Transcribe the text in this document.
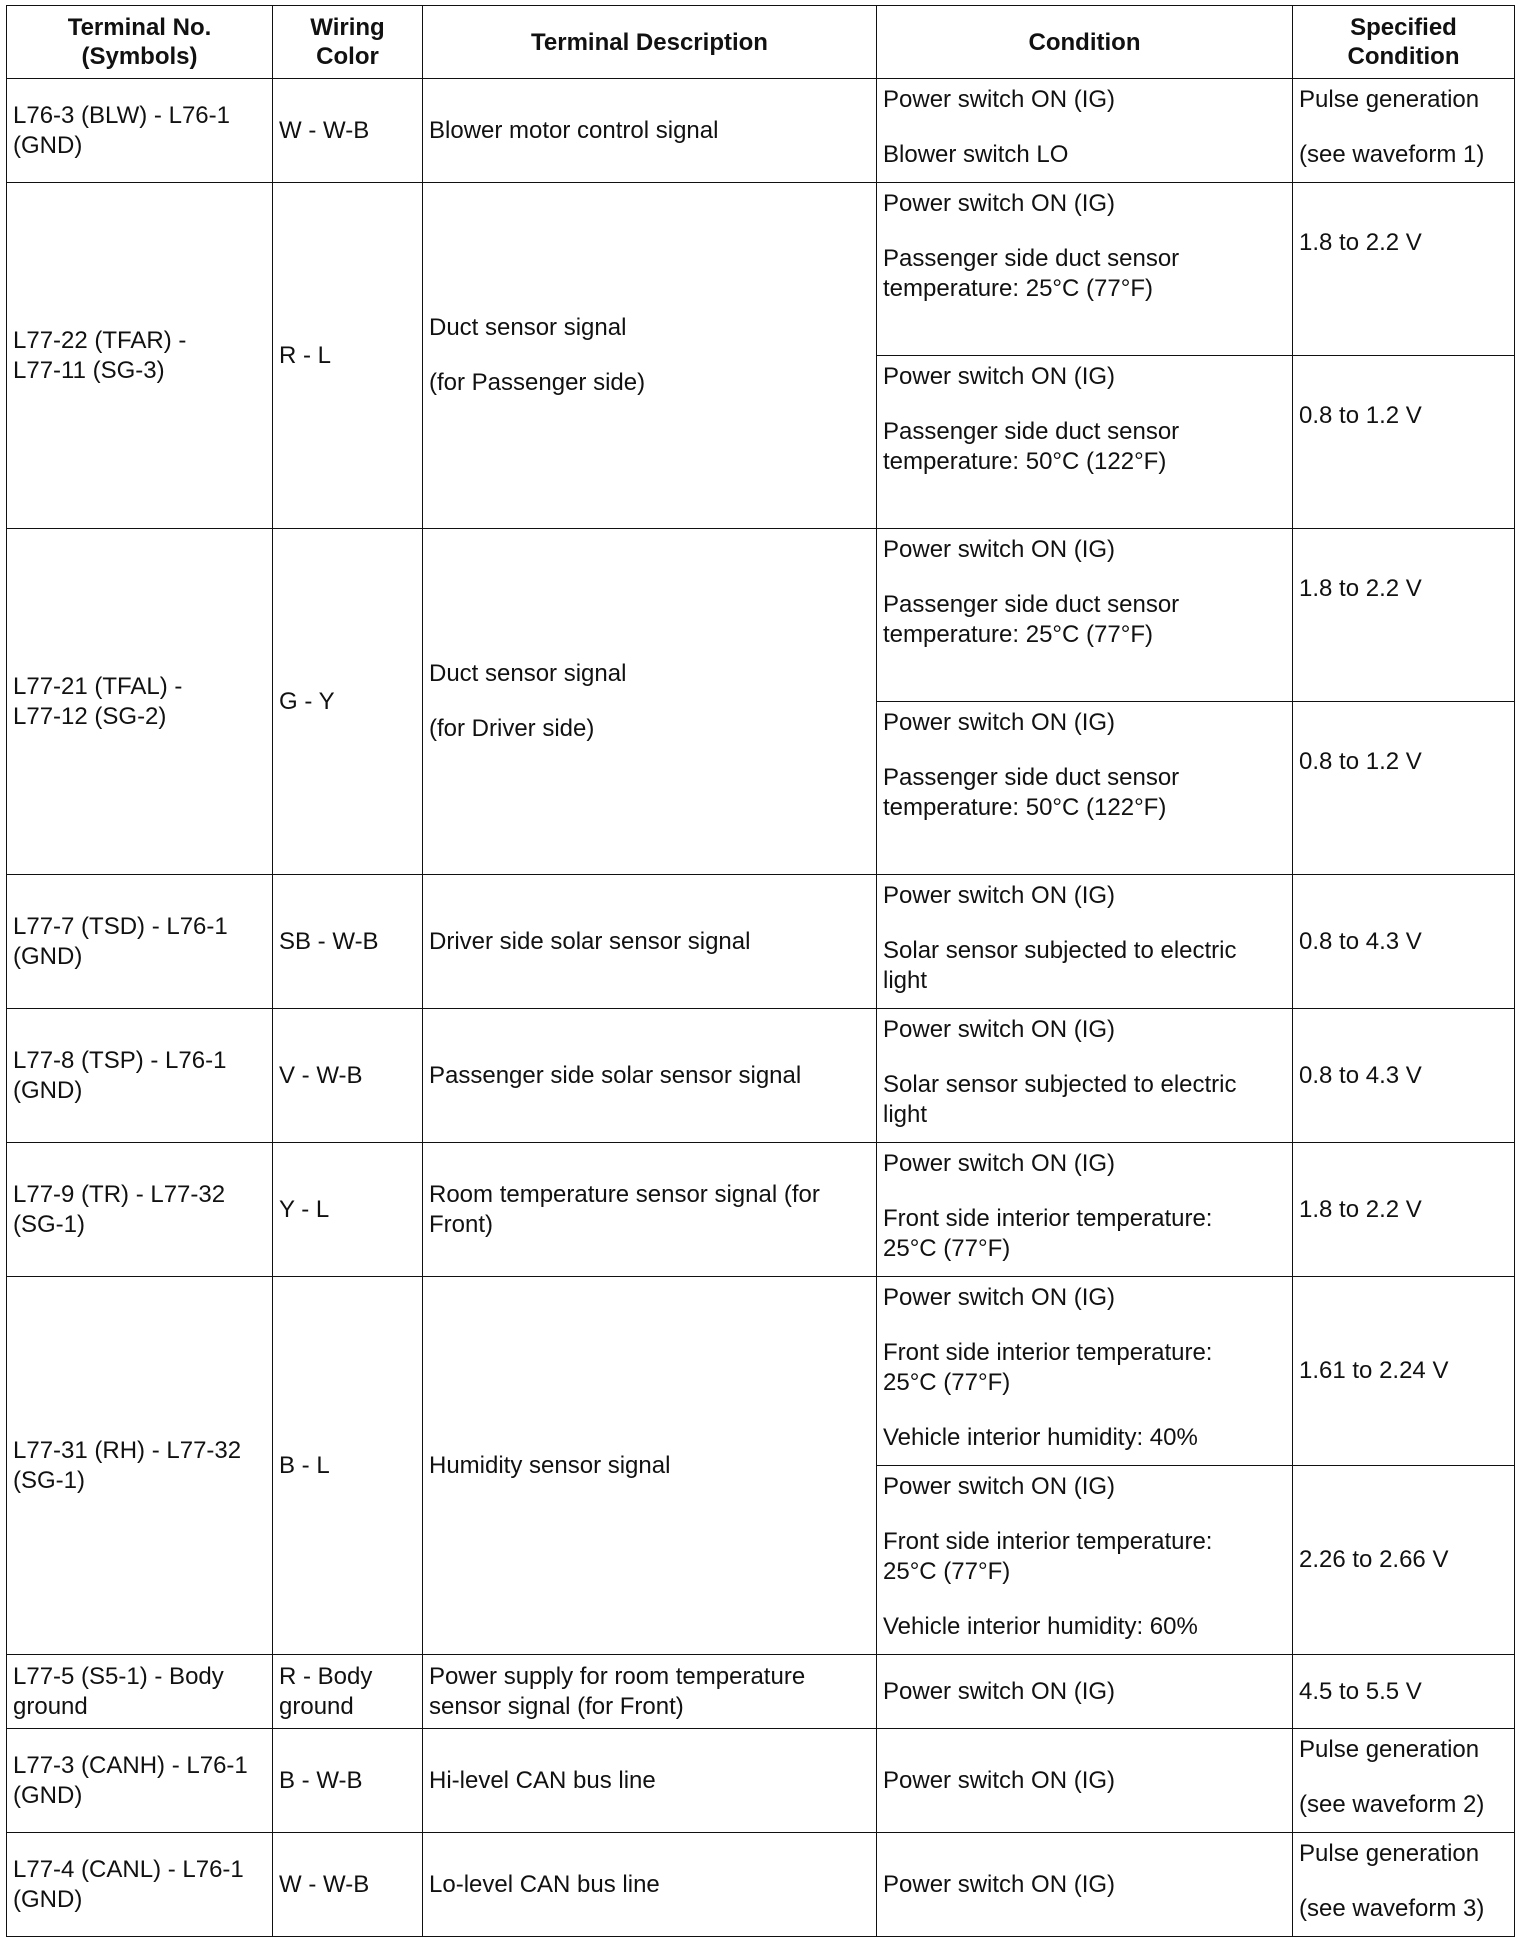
Terminal No.
(Symbols)	Wiring
Color	Terminal Description	Condition	Specified
Condition
L76-3 (BLW) - L76-1
(GND)	W - W-B	Blower motor control signal	Power switch ON (IG)
Blower switch LO	Pulse generation
(see waveform 1)
L77-22 (TFAR) -
L77-11 (SG-3)	R - L	Duct sensor signal
(for Passenger side)	Power switch ON (IG)
Passenger side duct sensor
temperature: 25°C (77°F)	1.8 to 2.2 V
			Power switch ON (IG)
Passenger side duct sensor
temperature: 50°C (122°F)	0.8 to 1.2 V
L77-21 (TFAL) -
L77-12 (SG-2)	G - Y	Duct sensor signal
(for Driver side)	Power switch ON (IG)
Passenger side duct sensor
temperature: 25°C (77°F)	1.8 to 2.2 V
			Power switch ON (IG)
Passenger side duct sensor
temperature: 50°C (122°F)	0.8 to 1.2 V
L77-7 (TSD) - L76-1
(GND)	SB - W-B	Driver side solar sensor signal	Power switch ON (IG)
Solar sensor subjected to electric
light	0.8 to 4.3 V
L77-8 (TSP) - L76-1
(GND)	V - W-B	Passenger side solar sensor signal	Power switch ON (IG)
Solar sensor subjected to electric
light	0.8 to 4.3 V
L77-9 (TR) - L77-32
(SG-1)	Y - L	Room temperature sensor signal (for
Front)	Power switch ON (IG)
Front side interior temperature:
25°C (77°F)	1.8 to 2.2 V
L77-31 (RH) - L77-32
(SG-1)	B - L	Humidity sensor signal	Power switch ON (IG)
Front side interior temperature:
25°C (77°F)
Vehicle interior humidity: 40%	1.61 to 2.24 V
			Power switch ON (IG)
Front side interior temperature:
25°C (77°F)
Vehicle interior humidity: 60%	2.26 to 2.66 V
L77-5 (S5-1) - Body
ground	R - Body
ground	Power supply for room temperature
sensor signal (for Front)	Power switch ON (IG)	4.5 to 5.5 V
L77-3 (CANH) - L76-1
(GND)	B - W-B	Hi-level CAN bus line	Power switch ON (IG)	Pulse generation
(see waveform 2)
L77-4 (CANL) - L76-1
(GND)	W - W-B	Lo-level CAN bus line	Power switch ON (IG)	Pulse generation
(see waveform 3)
